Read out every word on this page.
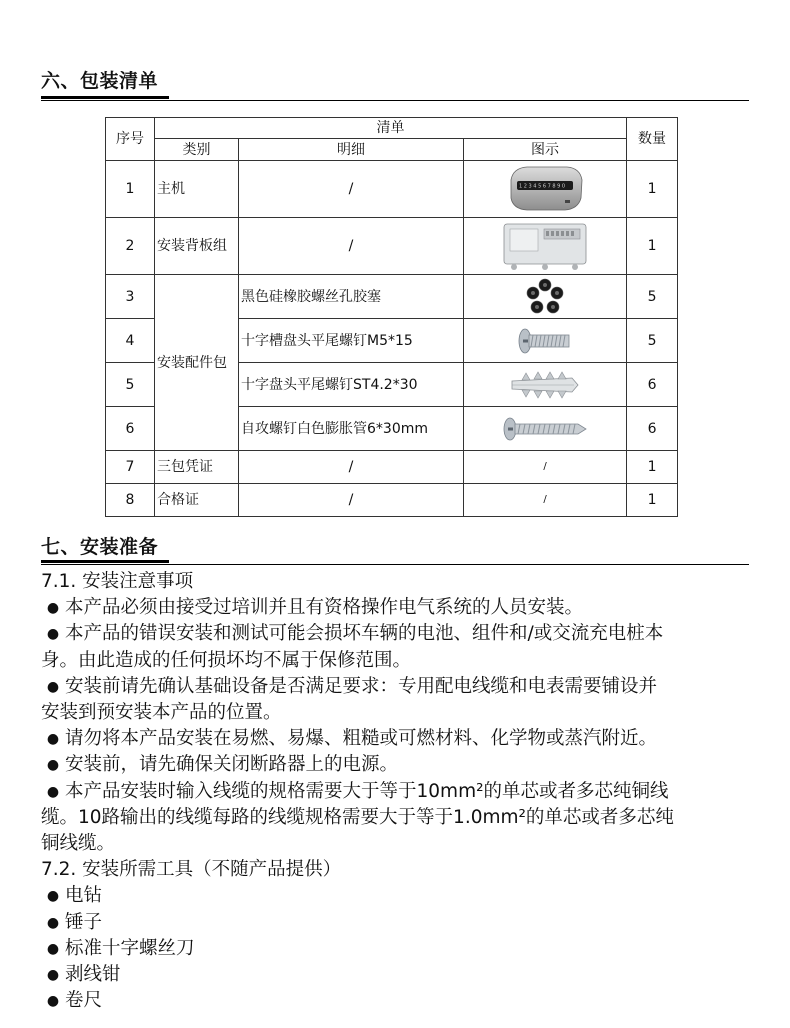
六、包装清单
序号	清单			数量
	类别	明细	图示	
1	主机	/	1 2 3 4 5 6 7 8 9 0	1
2	安装背板组	/		1
3	安装配件包	黑色硅橡胶螺丝孔胶塞		5
4		十字槽盘头平尾螺钉M5*15		5
5		十字盘头平尾螺钉ST4.2*30		6
6		自攻螺钉白色膨胀管6*30mm		6
7	三包凭证	/	/	1
8	合格证	/	/	1
七、安装准备

7.1. 安装注意事项

● 本产品必须由接受过培训并且有资格操作电气系统的人员安装。

● 本产品的错误安装和测试可能会损坏车辆的电池、组件和/或交流充电桩本

身。由此造成的任何损坏均不属于保修范围。

● 安装前请先确认基础设备是否满足要求：专用配电线缆和电表需要铺设并

安装到预安装本产品的位置。

● 请勿将本产品安装在易燃、易爆、粗糙或可燃材料、化学物或蒸汽附近。

● 安装前，请先确保关闭断路器上的电源。

● 本产品安装时输入线缆的规格需要大于等于10mm²的单芯或者多芯纯铜线

缆。10路输出的线缆每路的线缆规格需要大于等于1.0mm²的单芯或者多芯纯

铜线缆。

7.2. 安装所需工具（不随产品提供）

● 电钻

● 锤子

● 标准十字螺丝刀

● 剥线钳

● 卷尺
